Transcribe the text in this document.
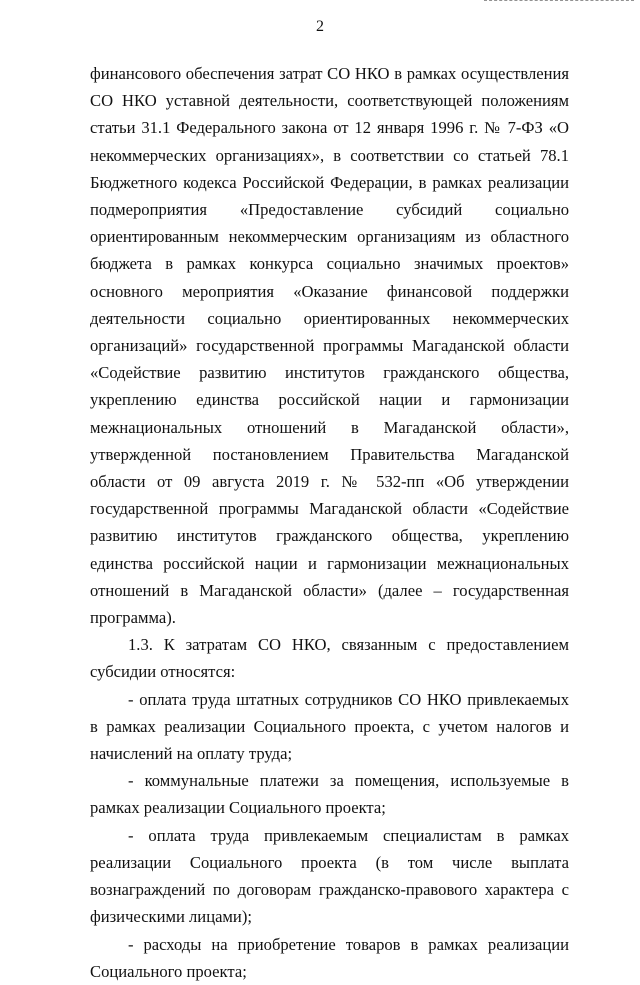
2

финансового обеспечения затрат СО НКО в рамках осуществления СО НКО уставной деятельности, соответствующей положениям статьи 31.1 Федерального закона от 12 января 1996 г. № 7-ФЗ «О некоммерческих организациях», в соответствии со статьей 78.1 Бюджетного кодекса Российской Федерации, в рамках реализации подмероприятия «Предоставление субсидий социально ориентированным некоммерческим организациям из областного бюджета в рамках конкурса социально значимых проектов» основного мероприятия «Оказание финансовой поддержки деятельности социально ориентированных некоммерческих организаций» государственной программы Магаданской области «Содействие развитию институтов гражданского общества, укреплению единства российской нации и гармонизации межнациональных отношений в Магаданской области», утвержденной постановлением Правительства Магаданской области от 09 августа 2019 г. № 532-пп «Об утверждении государственной программы Магаданской области «Содействие развитию институтов гражданского общества, укреплению единства российской нации и гармонизации межнациональных отношений в Магаданской области» (далее – государственная программа).

1.3. К затратам СО НКО, связанным с предоставлением субсидии относятся:

- оплата труда штатных сотрудников СО НКО привлекаемых в рамках реализации Социального проекта, с учетом налогов и начислений на оплату труда;

- коммунальные платежи за помещения, используемые в рамках реализации Социального проекта;

- оплата труда привлекаемым специалистам в рамках реализации Социального проекта (в том числе выплата вознаграждений по договорам гражданско-правового характера с физическими лицами);

- расходы на приобретение товаров в рамках реализации Социального проекта;
